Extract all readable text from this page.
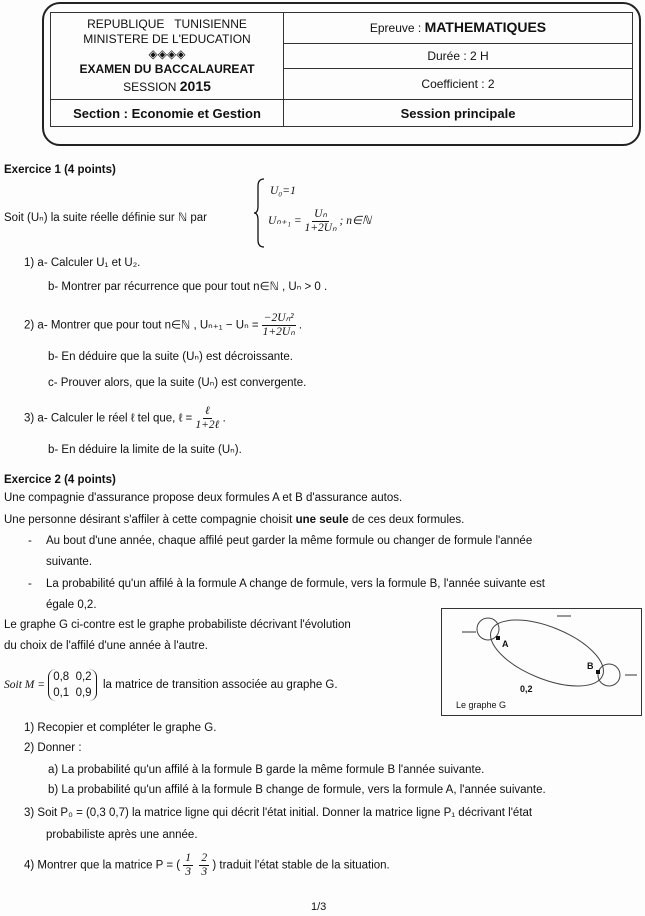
REPUBLIQUE   TUNISIENNE
MINISTERE DE L'EDUCATION
◈◈◈◈
EXAMEN DU BACCALAUREAT
SESSION 2015	Epreuve : MATHEMATIQUES
	Durée : 2 H
	Coefficient : 2
Section : Economie et Gestion	Session principale
Exercice 1 (4 points)
Soit (Uₙ) la suite réelle définie sur ℕ par
U₀=1
$U_{n+1} = \frac{\text{Uₙ}}{\text{1+2Uₙ}}$ ; n∈ℕ
1) a- Calculer U₁ et U₂.
b- Montrer par récurrence que pour tout n∈ℕ , Uₙ > 0 .
2) a- Montrer que pour tout n∈ℕ , $U_{n+1} - U_n = \frac{\text{−2Uₙ²}}{\text{1+2Uₙ}}$ .
b- En déduire que la suite (Uₙ) est décroissante.
c- Prouver alors, que la suite (Uₙ) est convergente.
3) a- Calculer le réel ℓ tel que, ℓ = $\frac{\text{ℓ}}{\text{1+2ℓ}}$ .
b- En déduire la limite de la suite (Uₙ).
Exercice 2 (4 points)
Une compagnie d'assurance propose deux formules A et B d'assurance autos.
Une personne désirant s'affiler à cette compagnie choisit une seule de ces deux formules.
- Au bout d'une année, chaque affilé peut garder la même formule ou changer de formule l'année
suivante.
- La probabilité qu'un affilé à la formule A change de formule, vers la formule B, l'année suivante est
égale 0,2.
Le graphe G ci-contre est le graphe probabiliste décrivant l'évolution
du choix de l'affilé d'une année à l'autre.
Soit M = 0,8 0,2
0,1 0,9  la matrice de transition associée au graphe G.
A
B
0,2
Le graphe G
1) Recopier et compléter le graphe G.
2) Donner :
a) La probabilité qu'un affilé à la formule B garde la même formule B l'année suivante.
b) La probabilité qu'un affilé à la formule B change de formule, vers la formule A, l'année suivante.
3) Soit P₀ = (0,3 0,7) la matrice ligne qui décrit l'état initial. Donner la matrice ligne P₁ décrivant l'état
probabiliste après une année.
4) Montrer que la matrice P = ( $\frac{1}{3}$
$\frac{2}{3}$ ) traduit l'état stable de la situation.
1/3
